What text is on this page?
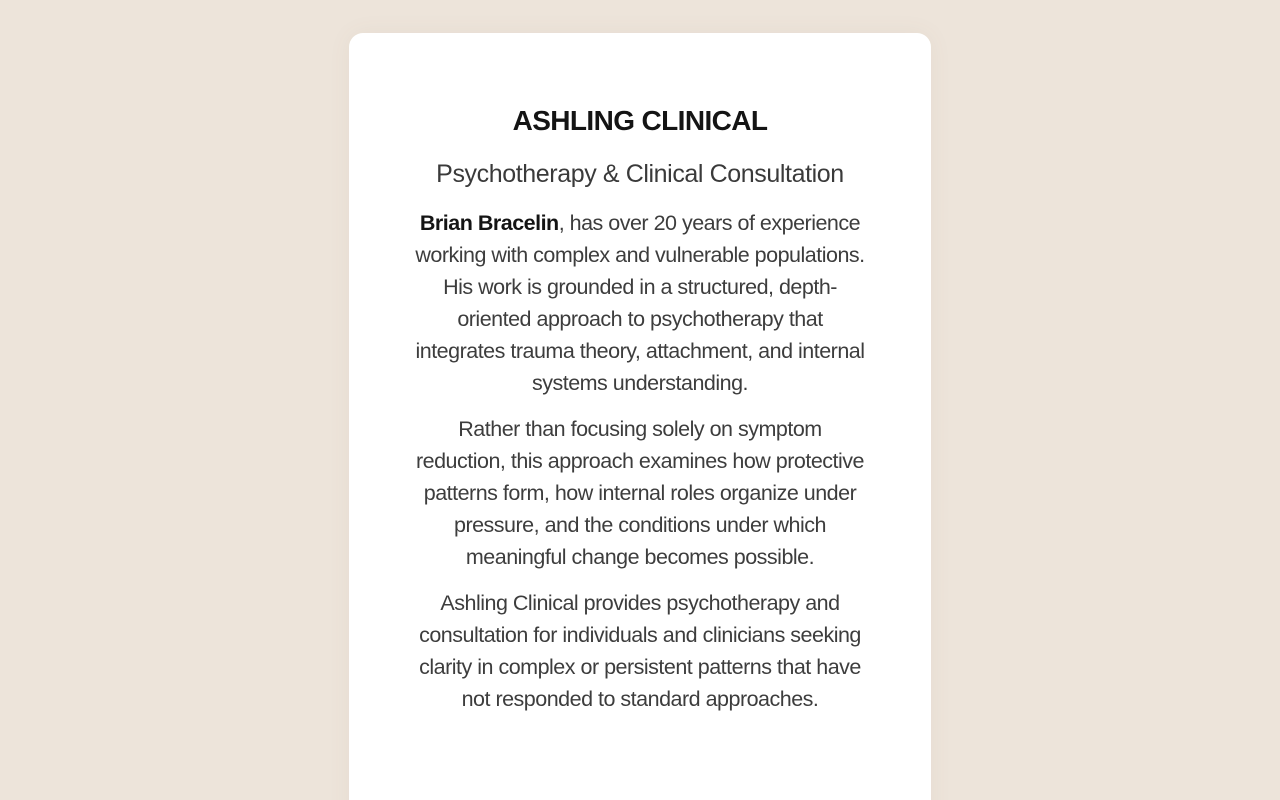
ASHLING CLINICAL
Psychotherapy & Clinical Consultation

Brian Bracelin, has over 20 years of experience working with complex and vulnerable populations. His work is grounded in a structured, depth-oriented approach to psychotherapy that integrates trauma theory, attachment, and internal systems understanding.

Rather than focusing solely on symptom reduction, this approach examines how protective patterns form, how internal roles organize under pressure, and the conditions under which meaningful change becomes possible.

Ashling Clinical provides psychotherapy and consultation for individuals and clinicians seeking clarity in complex or persistent patterns that have not responded to standard approaches.
